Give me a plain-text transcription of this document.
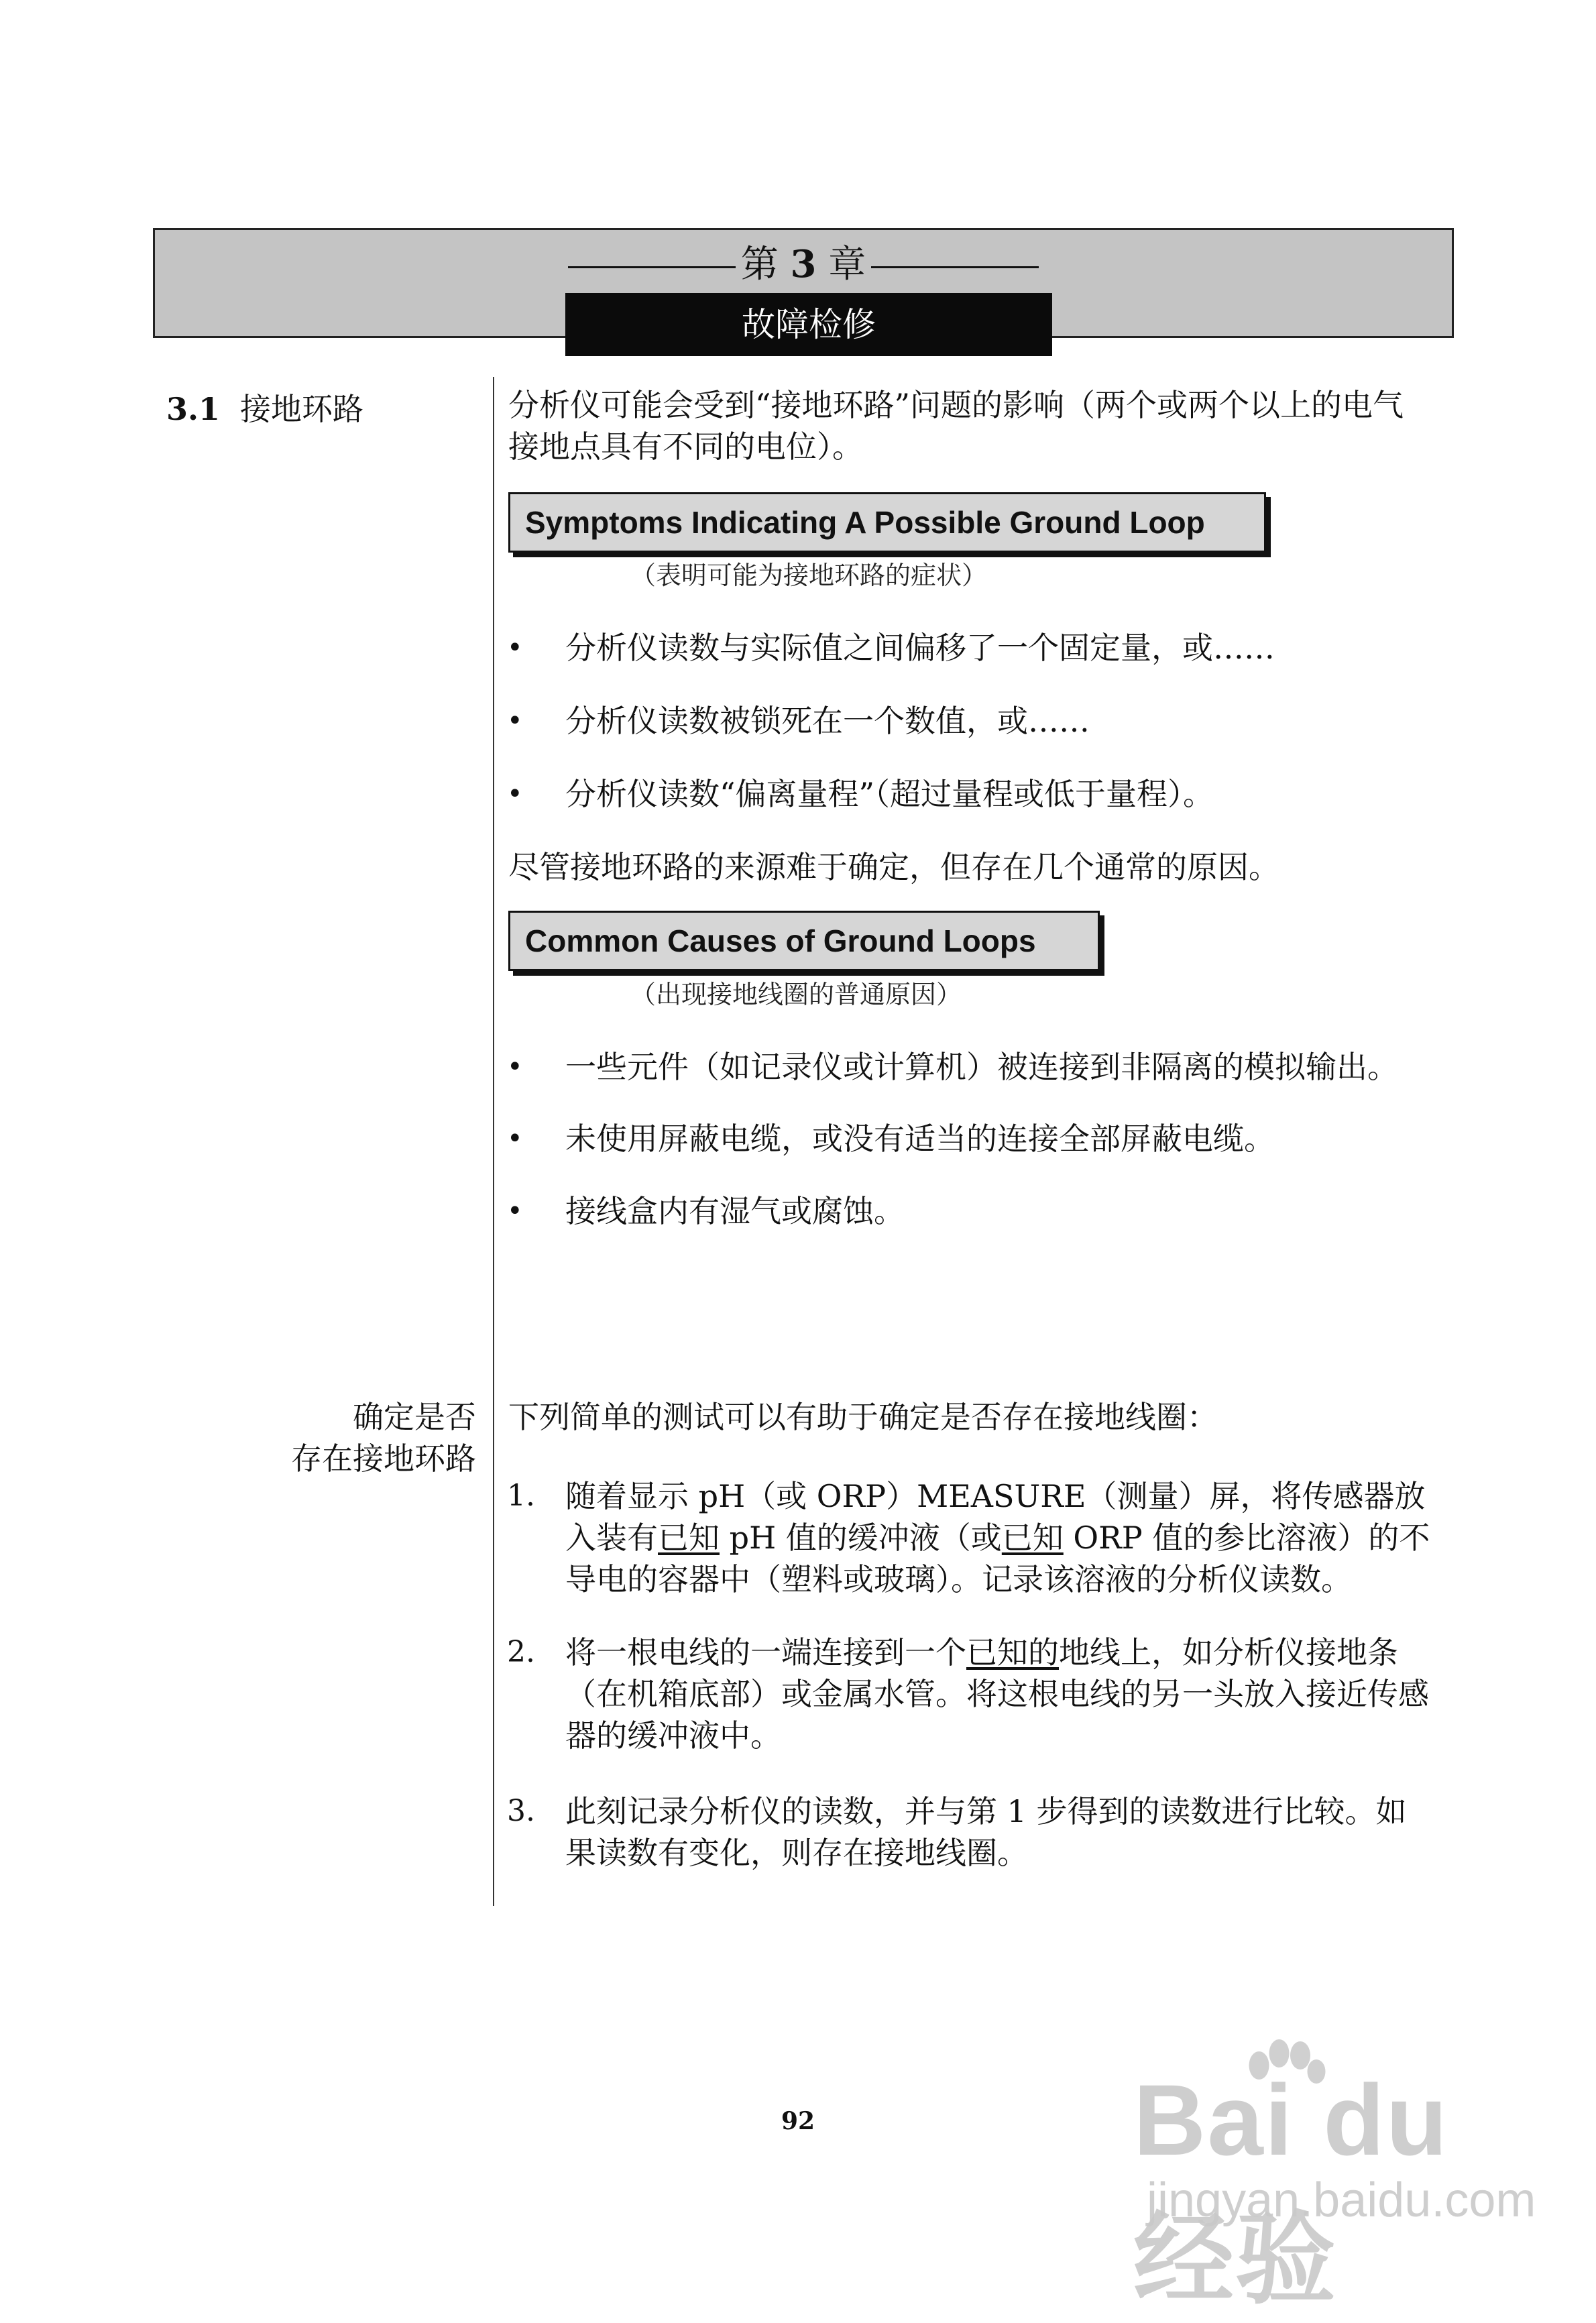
第 3 章
故障检修
3.1 接地环路	分析仪可能会受到“接地环路”问题的影响（两个或两个以上的电气接地点具有不同的电位）。
Symptoms Indicating A Possible Ground Loop
（表明可能为接地环路的症状）
• 分析仪读数与实际值之间偏移了一个固定量，或……
• 分析仪读数被锁死在一个数值，或……
• 分析仪读数“偏离量程”（超过量程或低于量程）。
尽管接地环路的来源难于确定，但存在几个通常的原因。
Common Causes of Ground Loops
（出现接地线圈的普通原因）
• 一些元件（如记录仪或计算机）被连接到非隔离的模拟输出。
• 未使用屏蔽电缆，或没有适当的连接全部屏蔽电缆。
• 接线盒内有湿气或腐蚀。
确定是否
存在接地环路
下列简单的测试可以有助于确定是否存在接地线圈：
1. 随着显示 pH（或 ORP）MEASURE（测量）屏，将传感器放入装有已知 pH 值的缓冲液（或已知 ORP 值的参比溶液）的不导电的容器中（塑料或玻璃）。记录该溶液的分析仪读数。
2. 将一根电线的一端连接到一个已知的地线上，如分析仪接地条（在机箱底部）或金属水管。将这根电线的另一头放入接近传感器的缓冲液中。
3. 此刻记录分析仪的读数，并与第 1 步得到的读数进行比较。如果读数有变化，则存在接地线圈。
92	Bai du 经验
jingyan.baidu.com
